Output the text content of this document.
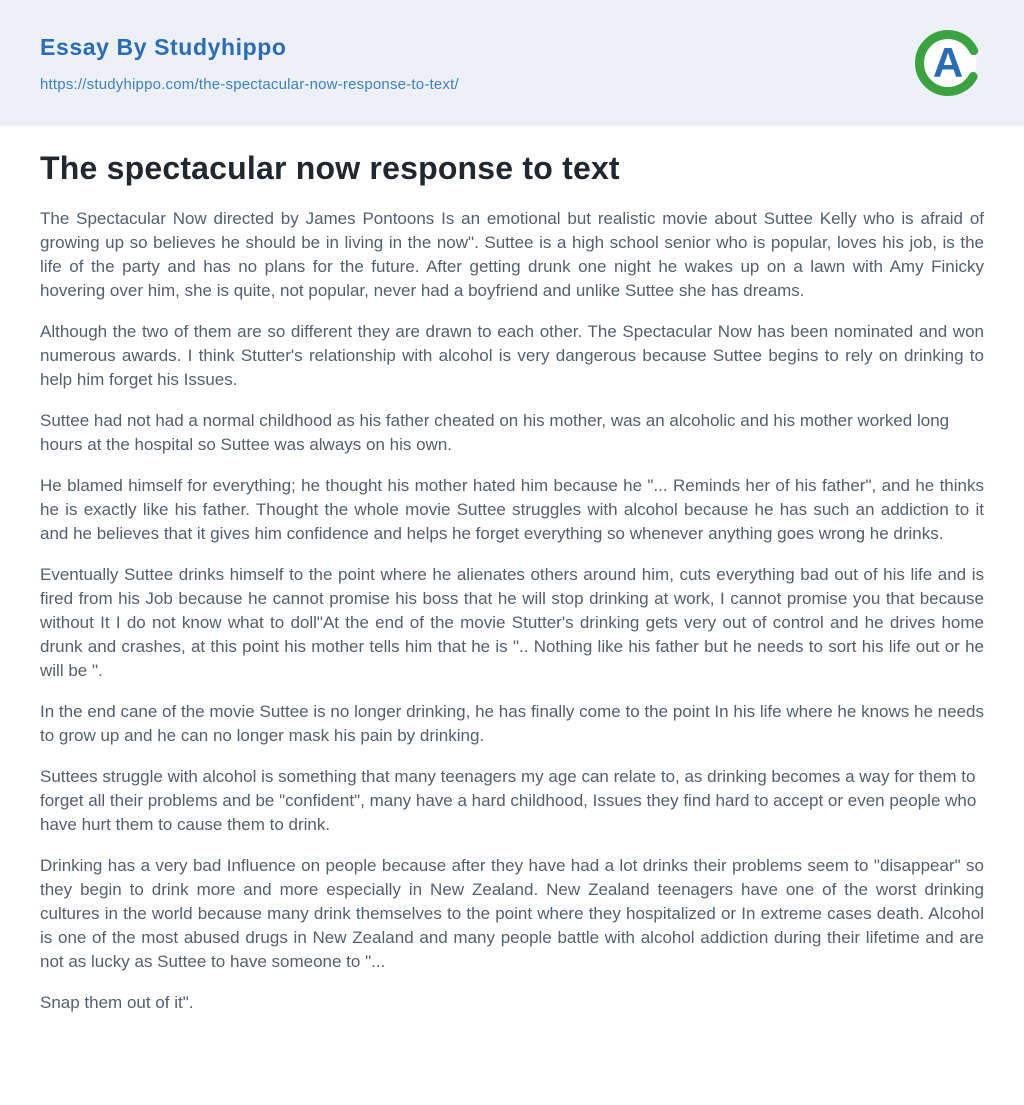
Essay By Studyhippo
https://studyhippo.com/the-spectacular-now-response-to-text/	A
The spectacular now response to text

The Spectacular Now directed by James Pontoons Is an emotional but realistic movie about Suttee Kelly who is afraid of growing up so believes he should be in living in the now". Suttee is a high school senior who is popular, loves his job, is the life of the party and has no plans for the future. After getting drunk one night he wakes up on a lawn with Amy Finicky hovering over him, she is quite, not popular, never had a boyfriend and unlike Suttee she has dreams.

Although the two of them are so different they are drawn to each other. The Spectacular Now has been nominated and won numerous awards. I think Stutter's relationship with alcohol is very dangerous because Suttee begins to rely on drinking to help him forget his Issues.

Suttee had not had a normal childhood as his father cheated on his mother, was an alcoholic and his mother worked long hours at the hospital so Suttee was always on his own.

He blamed himself for everything; he thought his mother hated him because he "... Reminds her of his father", and he thinks he is exactly like his father. Thought the whole movie Suttee struggles with alcohol because he has such an addiction to it and he believes that it gives him confidence and helps he forget everything so whenever anything goes wrong he drinks.

Eventually Suttee drinks himself to the point where he alienates others around him, cuts everything bad out of his life and is fired from his Job because he cannot promise his boss that he will stop drinking at work, I cannot promise you that because without It I do not know what to doll"At the end of the movie Stutter's drinking gets very out of control and he drives home drunk and crashes, at this point his mother tells him that he is ".. Nothing like his father but he needs to sort his life out or he will be ".

In the end cane of the movie Suttee is no longer drinking, he has finally come to the point In his life where he knows he needs to grow up and he can no longer mask his pain by drinking.

Suttees struggle with alcohol is something that many teenagers my age can relate to, as drinking becomes a way for them to forget all their problems and be "confident", many have a hard childhood, Issues they find hard to accept or even people who have hurt them to cause them to drink.

Drinking has a very bad Influence on people because after they have had a lot drinks their problems seem to "disappear" so they begin to drink more and more especially in New Zealand. New Zealand teenagers have one of the worst drinking cultures in the world because many drink themselves to the point where they hospitalized or In extreme cases death. Alcohol is one of the most abused drugs in New Zealand and many people battle with alcohol addiction during their lifetime and are not as lucky as Suttee to have someone to "...

Snap them out of it".
